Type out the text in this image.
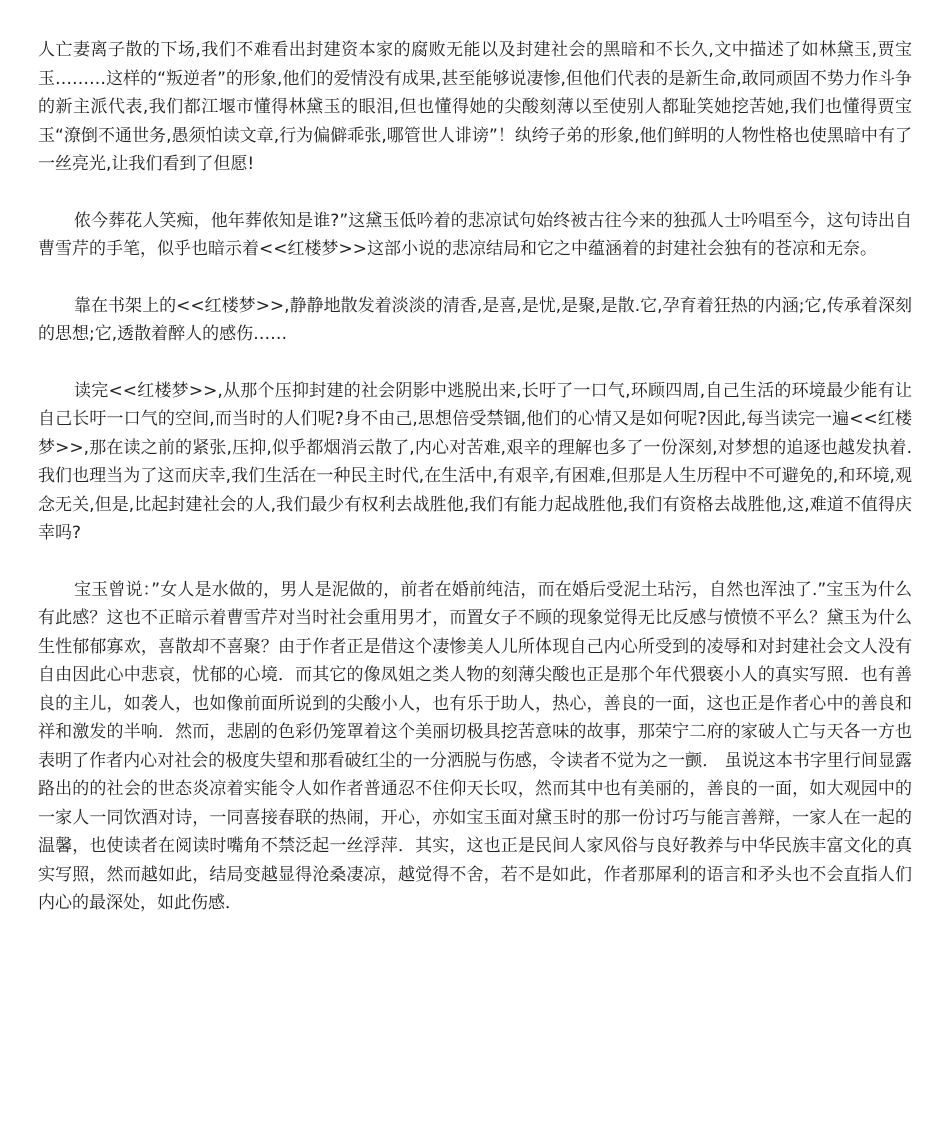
人亡妻离子散的下场,我们不难看出封建资本家的腐败无能以及封建社会的黑暗和不长久,文中描述了如林黛玉,贾宝玉………这样的“叛逆者”的形象,他们的爱情没有成果,甚至能够说凄惨,但他们代表的是新生命,敢同顽固不势力作斗争的新主派代表,我们都江堰市懂得林黛玉的眼泪,但也懂得她的尖酸刻薄以至使别人都耻笑她挖苦她,我们也懂得贾宝玉“潦倒不通世务,愚须怕读文章,行为偏僻乖张,哪管世人诽谤”！纨绔子弟的形象,他们鲜明的人物性格也使黑暗中有了一丝亮光,让我们看到了但愿!

侬今葬花人笑痴，他年葬侬知是谁?”这黛玉低吟着的悲凉试句始终被古往今来的独孤人士吟唱至今，这句诗出自曹雪芹的手笔，似乎也暗示着<<红楼梦>>这部小说的悲凉结局和它之中蕴涵着的封建社会独有的苍凉和无奈。

靠在书架上的<<红楼梦>>,静静地散发着淡淡的清香,是喜,是忧,是聚,是散.它,孕育着狂热的内涵;它,传承着深刻的思想;它,透散着醉人的感伤……

读完<<红楼梦>>,从那个压抑封建的社会阴影中逃脱出来,长吁了一口气,环顾四周,自己生活的环境最少能有让自己长吁一口气的空间,而当时的人们呢?身不由己,思想倍受禁锢,他们的心情又是如何呢?因此,每当读完一遍<<红楼梦>>,那在读之前的紧张,压抑,似乎都烟消云散了,内心对苦难,艰辛的理解也多了一份深刻,对梦想的追逐也越发执着.我们也理当为了这而庆幸,我们生活在一种民主时代,在生活中,有艰辛,有困难,但那是人生历程中不可避免的,和环境,观念无关,但是,比起封建社会的人,我们最少有权利去战胜他,我们有能力起战胜他,我们有资格去战胜他,这,难道不值得庆幸吗?

宝玉曾说：”女人是水做的，男人是泥做的，前者在婚前纯洁，而在婚后受泥土玷污，自然也浑浊了.”宝玉为什么有此感？这也不正暗示着曹雪芹对当时社会重用男才，而置女子不顾的现象觉得无比反感与愤愤不平么？黛玉为什么生性郁郁寡欢，喜散却不喜聚？由于作者正是借这个凄惨美人儿所体现自己内心所受到的凌辱和对封建社会文人没有自由因此心中悲哀，忧郁的心境．而其它的像凤姐之类人物的刻薄尖酸也正是那个年代猥亵小人的真实写照．也有善良的主儿，如袭人，也如像前面所说到的尖酸小人，也有乐于助人，热心，善良的一面，这也正是作者心中的善良和祥和激发的半响．然而，悲剧的色彩仍笼罩着这个美丽切极具挖苦意味的故事，那荣宁二府的家破人亡与天各一方也表明了作者内心对社会的极度失望和那看破红尘的一分洒脱与伤感，令读者不觉为之一颤． 虽说这本书字里行间显露路出的的社会的世态炎凉着实能令人如作者普通忍不住仰天长叹，然而其中也有美丽的，善良的一面，如大观园中的一家人一同饮酒对诗，一同喜接春联的热闹，开心，亦如宝玉面对黛玉时的那一份讨巧与能言善辩，一家人在一起的温馨，也使读者在阅读时嘴角不禁泛起一丝浮萍．其实，这也正是民间人家风俗与良好教养与中华民族丰富文化的真实写照，然而越如此，结局变越显得沧桑凄凉，越觉得不舍，若不是如此，作者那犀利的语言和矛头也不会直指人们内心的最深处，如此伤感．
